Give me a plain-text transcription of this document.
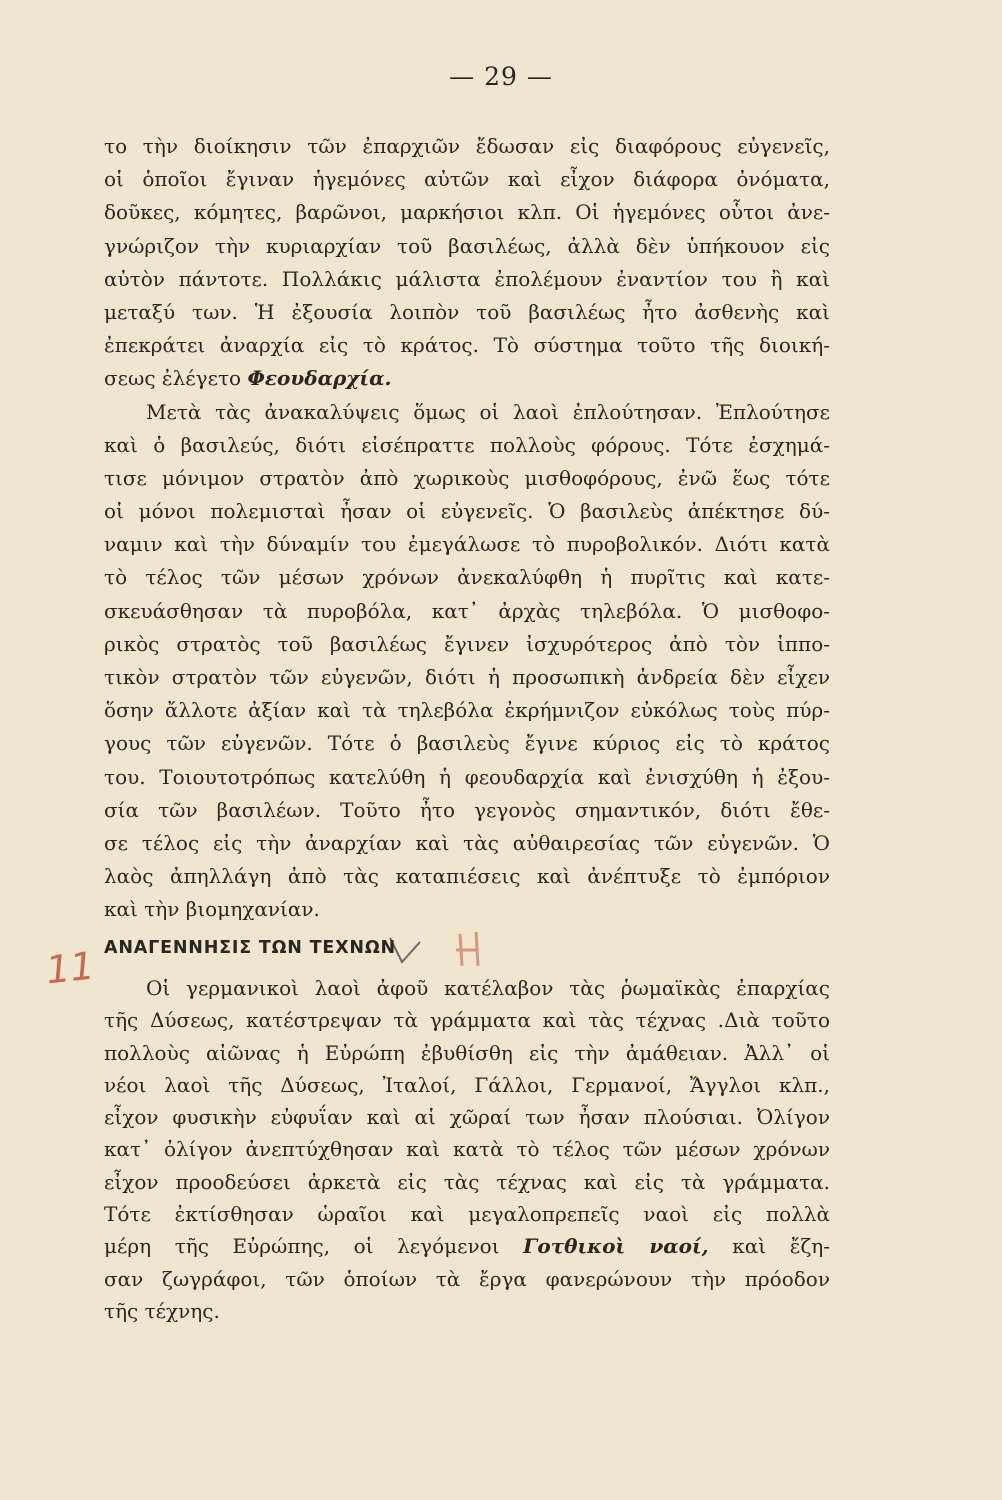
— 29 —
το τὴν διοίκησιν τῶν ἐπαρχιῶν ἔδωσαν εἰς διαφόρους εὐγενεῖς,
οἱ ὁποῖοι ἔγιναν ἡγεμόνες αὐτῶν καὶ εἶχον διάφορα ὀνόματα,
δοῦκες, κόμητες, βαρῶνοι, μαρκήσιοι κλπ. Οἱ ἡγεμόνες οὗτοι ἀνε-
γνώριζον τὴν κυριαρχίαν τοῦ βασιλέως, ἀλλὰ δὲν ὑπήκουον εἰς
αὐτὸν πάντοτε. Πολλάκις μάλιστα ἐπολέμουν ἐναντίον του ἢ καὶ
μεταξύ των. Ἡ ἐξουσία λοιπὸν τοῦ βασιλέως ἦτο ἀσθενὴς καὶ
ἐπεκράτει ἀναρχία εἰς τὸ κράτος. Τὸ σύστημα τοῦτο τῆς διοική-
σεως ἐλέγετο Φεουδαρχία.
Μετὰ τὰς ἀνακαλύψεις ὅμως οἱ λαοὶ ἐπλούτησαν. Ἐπλούτησε
καὶ ὁ βασιλεύς, διότι εἰσέπραττε πολλοὺς φόρους. Τότε ἐσχημά-
τισε μόνιμον στρατὸν ἀπὸ χωρικοὺς μισθοφόρους, ἐνῶ ἕως τότε
οἱ μόνοι πολεμισταὶ ἦσαν οἱ εὐγενεῖς. Ὁ βασιλεὺς ἀπέκτησε δύ-
ναμιν καὶ τὴν δύναμίν του ἐμεγάλωσε τὸ πυροβολικόν. Διότι κατὰ
τὸ τέλος τῶν μέσων χρόνων ἀνεκαλύφθη ἡ πυρῖτις καὶ κατε-
σκευάσθησαν τὰ πυροβόλα, κατ᾿ ἀρχὰς τηλεβόλα. Ὁ μισθοφο-
ρικὸς στρατὸς τοῦ βασιλέως ἔγινεν ἰσχυρότερος ἀπὸ τὸν ἱππο-
τικὸν στρατὸν τῶν εὐγενῶν, διότι ἡ προσωπικὴ ἀνδρεία δὲν εἶχεν
ὅσην ἄλλοτε ἀξίαν καὶ τὰ τηλεβόλα ἐκρήμνιζον εὐκόλως τοὺς πύρ-
γους τῶν εὐγενῶν. Τότε ὁ βασιλεὺς ἔγινε κύριος εἰς τὸ κράτος
του. Τοιουτοτρόπως κατελύθη ἡ φεουδαρχία καὶ ἐνισχύθη ἡ ἐξου-
σία τῶν βασιλέων. Τοῦτο ἦτο γεγονὸς σημαντικόν, διότι ἔθε-
σε τέλος εἰς τὴν ἀναρχίαν καὶ τὰς αὐθαιρεσίας τῶν εὐγενῶν. Ὁ
λαὸς ἀπηλλάγη ἀπὸ τὰς καταπιέσεις καὶ ἀνέπτυξε τὸ ἐμπόριον
καὶ τὴν βιομηχανίαν.
11 ΑΝΑΓΕΝΝΗΣΙΣ ΤΩΝ ΤΕΧΝΩΝ
Οἱ γερμανικοὶ λαοὶ ἀφοῦ κατέλαβον τὰς ῥωμαϊκὰς ἐπαρχίας
τῆς Δύσεως, κατέστρεψαν τὰ γράμματα καὶ τὰς τέχνας .Διὰ τοῦτο
πολλοὺς αἰῶνας ἡ Εὐρώπη ἐβυθίσθη εἰς τὴν ἀμάθειαν. Ἀλλ᾿ οἱ
νέοι λαοὶ τῆς Δύσεως, Ἰταλοί, Γάλλοι, Γερμανοί, Ἄγγλοι κλπ.,
εἶχον φυσικὴν εὐφυΐαν καὶ αἱ χῶραί των ἦσαν πλούσιαι. Ὀλίγον
κατ᾿ ὀλίγον ἀνεπτύχθησαν καὶ κατὰ τὸ τέλος τῶν μέσων χρόνων
εἶχον προοδεύσει ἀρκετὰ εἰς τὰς τέχνας καὶ εἰς τὰ γράμματα.
Τότε ἐκτίσθησαν ὡραῖοι καὶ μεγαλοπρεπεῖς ναοὶ εἰς πολλὰ
μέρη τῆς Εὐρώπης, οἱ λεγόμενοι Γοτθικοὶ ναοί, καὶ ἔζη-
σαν ζωγράφοι, τῶν ὁποίων τὰ ἔργα φανερώνουν τὴν πρόοδον
τῆς τέχνης.
